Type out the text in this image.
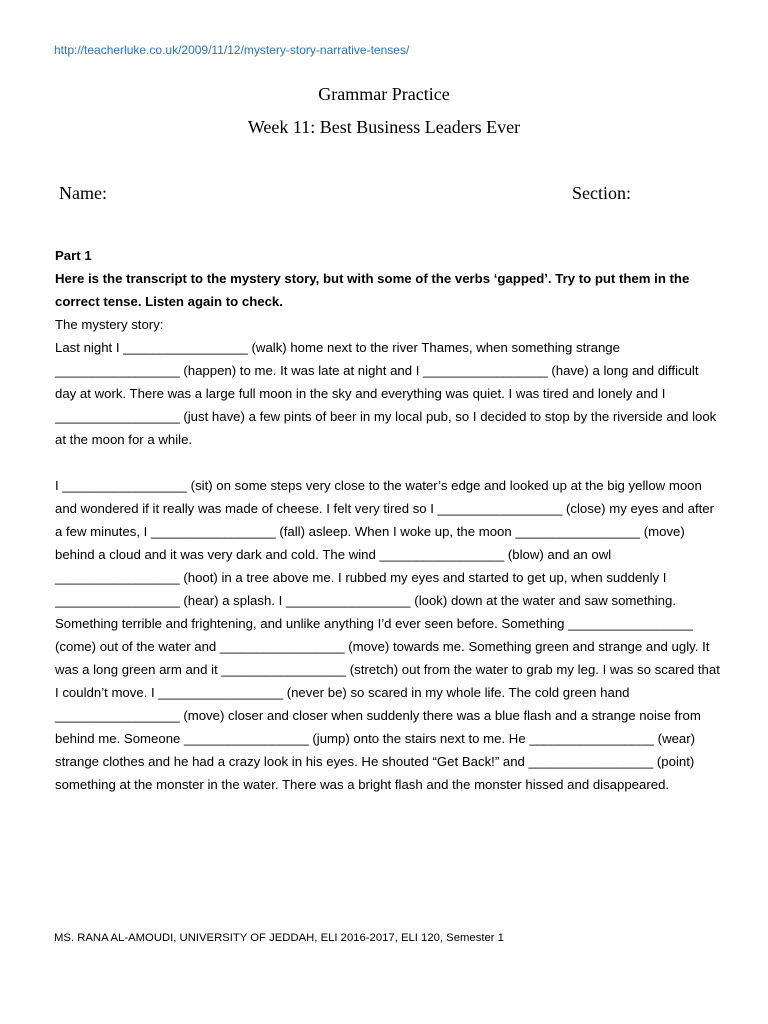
http://teacherluke.co.uk/2009/11/12/mystery-story-narrative-tenses/
Grammar Practice
Week 11: Best Business Leaders Ever
Name:	Section:

Part 1

Here is the transcript to the mystery story, but with some of the verbs ‘gapped’. Try to put them in the correct tense. Listen again to check.

The mystery story:

Last night I _________________ (walk) home next to the river Thames, when something strange _________________ (happen) to me. It was late at night and I _________________ (have) a long and difficult day at work. There was a large full moon in the sky and everything was quiet. I was tired and lonely and I _________________ (just have) a few pints of beer in my local pub, so I decided to stop by the riverside and look at the moon for a while.

I _________________ (sit) on some steps very close to the water’s edge and looked up at the big yellow moon and wondered if it really was made of cheese. I felt very tired so I _________________ (close) my eyes and after a few minutes, I _________________ (fall) asleep. When I woke up, the moon _________________ (move) behind a cloud and it was very dark and cold. The wind _________________ (blow) and an owl _________________ (hoot) in a tree above me. I rubbed my eyes and started to get up, when suddenly I _________________ (hear) a splash. I _________________ (look) down at the water and saw something. Something terrible and frightening, and unlike anything I’d ever seen before. Something _________________ (come) out of the water and _________________ (move) towards me. Something green and strange and ugly. It was a long green arm and it _________________ (stretch) out from the water to grab my leg. I was so scared that I couldn’t move. I _________________ (never be) so scared in my whole life. The cold green hand _________________ (move) closer and closer when suddenly there was a blue flash and a strange noise from behind me. Someone _________________ (jump) onto the stairs next to me. He _________________ (wear) strange clothes and he had a crazy look in his eyes. He shouted “Get Back!” and _________________ (point) something at the monster in the water. There was a bright flash and the monster hissed and disappeared.

MS. RANA AL-AMOUDI, UNIVERSITY OF JEDDAH, ELI 2016-2017, ELI 120, Semester 1
